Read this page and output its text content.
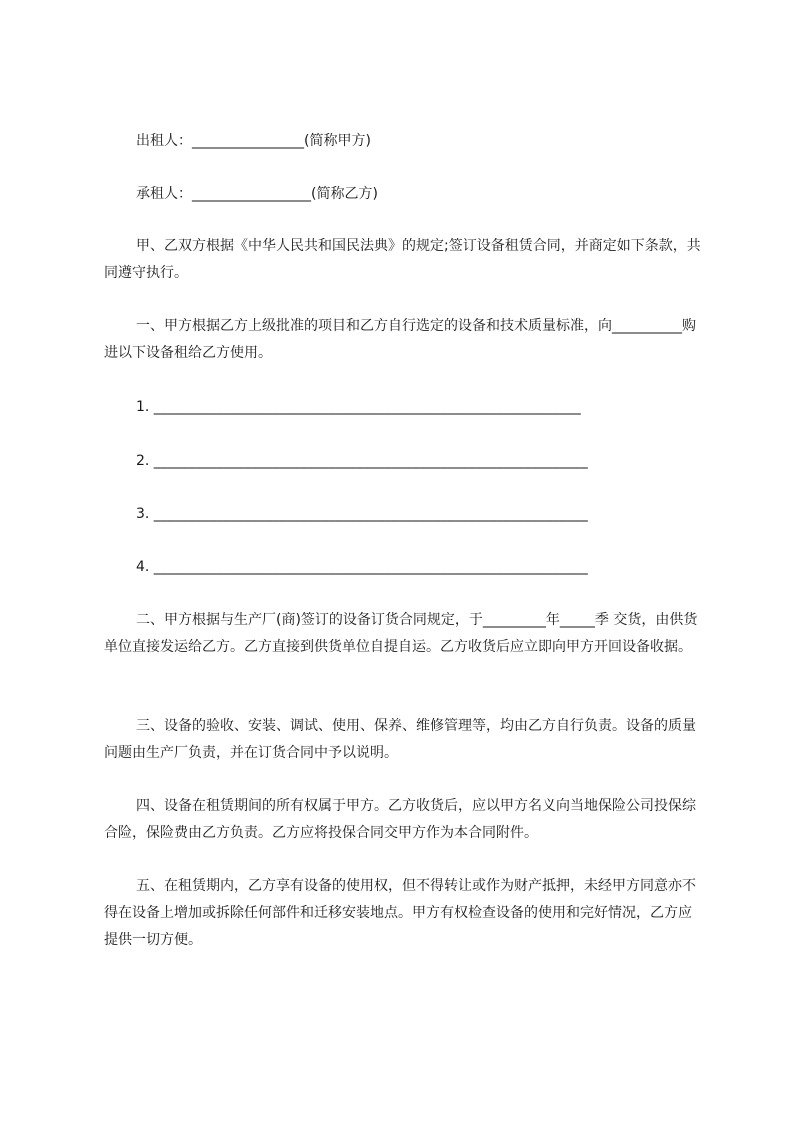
出租人：________________(简称甲方)
承租人：_________________(简称乙方)
甲、乙双方根据《中华人民共和国民法典》的规定;签订设备租赁合同，并商定如下条款，共同遵守执行。
一、甲方根据乙方上级批准的项目和乙方自行选定的设备和技术质量标准，向__________购进以下设备租给乙方使用。
1. _____________________________________________________________
2. ______________________________________________________________
3. ______________________________________________________________
4. ______________________________________________________________
二、甲方根据与生产厂(商)签订的设备订货合同规定，于_________年_____季 交货，由供货单位直接发运给乙方。乙方直接到供货单位自提自运。乙方收货后应立即向甲方开回设备收据。
三、设备的验收、安装、调试、使用、保养、维修管理等，均由乙方自行负责。设备的质量问题由生产厂负责，并在订货合同中予以说明。
四、设备在租赁期间的所有权属于甲方。乙方收货后，应以甲方名义向当地保险公司投保综合险，保险费由乙方负责。乙方应将投保合同交甲方作为本合同附件。
五、在租赁期内，乙方享有设备的使用权，但不得转让或作为财产抵押，未经甲方同意亦不得在设备上增加或拆除任何部件和迁移安装地点。甲方有权检查设备的使用和完好情况，乙方应提供一切方便。
